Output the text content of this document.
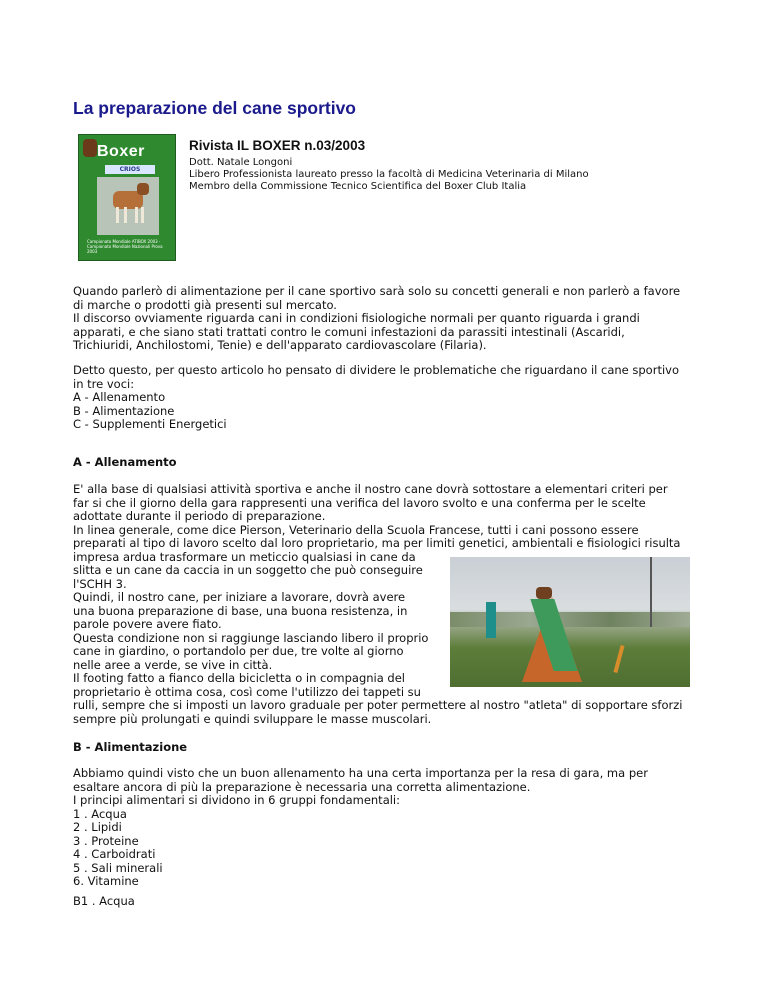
La preparazione del cane sportivo
Boxer
CRIOS
Campionato Mondiale ATIBOX 2003 · Campionato Mondiale Nazionali Prova 2003

Rivista IL BOXER n.03/2003

Dott. Natale Longoni

Libero Professionista laureato presso la facoltà di Medicina Veterinaria di Milano

Membro della Commissione Tecnico Scientifica del Boxer Club Italia

Quando parlerò di alimentazione per il cane sportivo sarà solo su concetti generali e non parlerò a favore

di marche o prodotti già presenti sul mercato.

Il discorso ovviamente riguarda cani in condizioni fisiologiche normali per quanto riguarda i grandi

apparati, e che siano stati trattati contro le comuni infestazioni da parassiti intestinali (Ascaridi,

Trichiuridi, Anchilostomi, Tenie) e dell'apparato cardiovascolare (Filaria).

Detto questo, per questo articolo ho pensato di dividere le problematiche che riguardano il cane sportivo

in tre voci:

A - Allenamento

B - Alimentazione

C - Supplementi Energetici

A - Allenamento

E' alla base di qualsiasi attività sportiva e anche il nostro cane dovrà sottostare a elementari criteri per

far si che il giorno della gara rappresenti una verifica del lavoro svolto e una conferma per le scelte

adottate durante il periodo di preparazione.

In linea generale, come dice Pierson, Veterinario della Scuola Francese, tutti i cani possono essere

preparati al tipo di lavoro scelto dal loro proprietario, ma per limiti genetici, ambientali e fisiologici risulta

impresa ardua trasformare un meticcio qualsiasi in cane da

slitta e un cane da caccia in un soggetto che può conseguire

l'SCHH 3.

Quindi, il nostro cane, per iniziare a lavorare, dovrà avere

una buona preparazione di base, una buona resistenza, in

parole povere avere fiato.

Questa condizione non si raggiunge lasciando libero il proprio

cane in giardino, o portandolo per due, tre volte al giorno

nelle aree a verde, se vive in città.

Il footing fatto a fianco della bicicletta o in compagnia del

proprietario è ottima cosa, così come l'utilizzo dei tappeti su

rulli, sempre che si imposti un lavoro graduale per poter permettere al nostro "atleta" di sopportare sforzi

sempre più prolungati e quindi sviluppare le masse muscolari.

B - Alimentazione

Abbiamo quindi visto che un buon allenamento ha una certa importanza per la resa di gara, ma per

esaltare ancora di più la preparazione è necessaria una corretta alimentazione.

I principi alimentari si dividono in 6 gruppi fondamentali:

1 . Acqua

2 . Lipidi

3 . Proteine

4 . Carboidrati

5 . Sali minerali

6. Vitamine

B1 . Acqua
